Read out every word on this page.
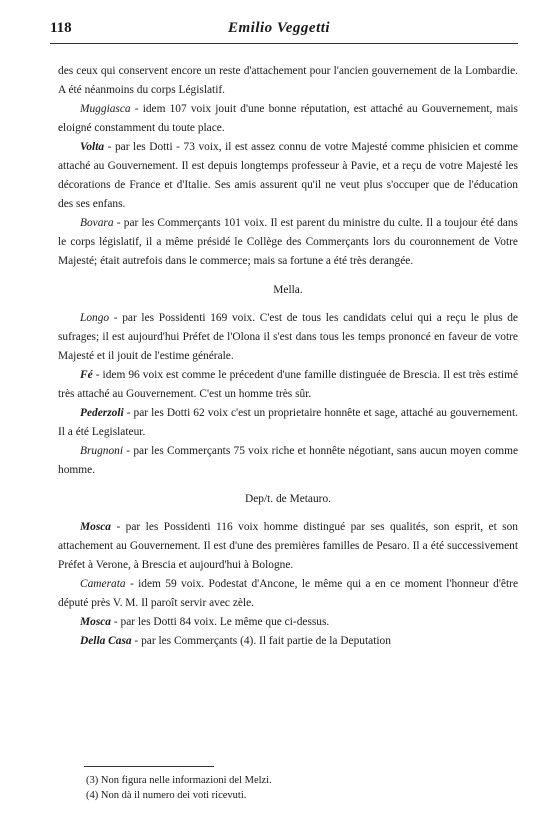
118	Emilio Veggetti

des ceux qui conservent encore un reste d'attachement pour l'ancien gouvernement de la Lombardie. A été néanmoins du corps Législatif.

Muggiasca - idem 107 voix jouit d'une bonne réputation, est attaché au Gouvernement, mais eloigné constamment du toute place.

Volta - par les Dotti - 73 voix, il est assez connu de votre Majesté comme phisicien et comme attaché au Gouvernement. Il est depuis longtemps professeur à Pavie, et a reçu de votre Majesté les décorations de France et d'Italie. Ses amis assurent qu'il ne veut plus s'occuper que de l'éducation des ses enfans.

Bovara - par les Commerçants 101 voix. Il est parent du ministre du culte. Il a toujour été dans le corps législatif, il a même présidé le Collège des Commerçants lors du couronnement de Votre Majesté; était autrefois dans le commerce; mais sa fortune a été très derangée.

Mella.

Longo - par les Possidenti 169 voix. C'est de tous les candidats celui qui a reçu le plus de sufrages; il est aujourd'hui Préfet de l'Olona il s'est dans tous les temps prononcé en faveur de votre Majesté et il jouit de l'estime générale.

Fé - idem 96 voix est comme le précedent d'une famille distinguée de Brescia. Il est très estimé très attaché au Gouvernement. C'est un homme très sûr.

Pederzoli - par les Dotti 62 voix c'est un proprietaire honnête et sage, attaché au gouvernement. Il a été Legislateur.

Brugnoni - par les Commerçants 75 voix riche et honnête négotiant, sans aucun moyen comme homme.

Dep/t. de Metauro.

Mosca - par les Possidenti 116 voix homme distingué par ses qualités, son esprit, et son attachement au Gouvernement. Il est d'une des premières familles de Pesaro. Il a été successivement Préfet à Verone, à Brescia et aujourd'hui à Bologne.

Camerata - idem 59 voix. Podestat d'Ancone, le même qui a en ce moment l'honneur d'être député près V. M. Il paroît servir avec zèle.

Mosca - par les Dotti 84 voix. Le même que ci-dessus.

Della Casa - par les Commerçants (4). Il fait partie de la Deputation

(3) Non figura nelle informazioni del Melzi.
(4) Non dà il numero dei voti ricevuti.
